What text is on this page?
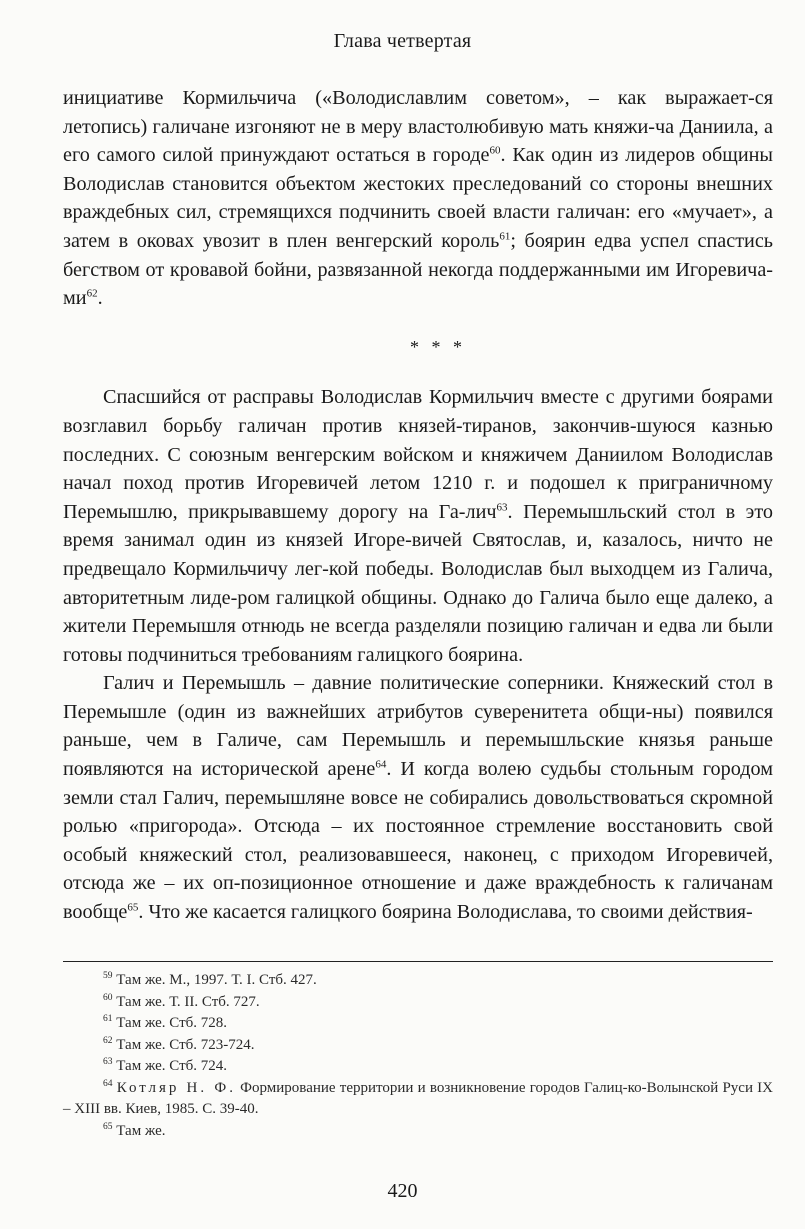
Глава четвертая

инициативе Кормильчича («Володиславлим советом», – как выражает-ся летопись) галичане изгоняют не в меру властолюбивую мать княжи-ча Даниила, а его самого силой принуждают остаться в городе$^{60}$. Как один из лидеров общины Володислав становится объектом жестоких преследований со стороны внешних враждебных сил, стремящихся подчинить своей власти галичан: его «мучает», а затем в оковах увозит в плен венгерский король$^{61}$; боярин едва успел спастись бегством от кровавой бойни, развязанной некогда поддержанными им Игоревича-$ми^{62}$.

* * *

Спасшийся от расправы Володислав Кормильчич вместе с другими боярами возглавил борьбу галичан против князей-тиранов, закончив-шуюся казнью последних. С союзным венгерским войском и княжичем Даниилом Володислав начал поход против Игоревичей летом 1210 г. и подошел к приграничному Перемышлю, прикрывавшему дорогу на Га-лич$^{63}$. Перемышльский стол в это время занимал один из князей Игоре-вичей Святослав, и, казалось, ничто не предвещало Кормильчичу лег-кой победы. Володислав был выходцем из Галича, авторитетным лиде-ром галицкой общины. Однако до Галича было еще далеко, а жители Перемышля отнюдь не всегда разделяли позицию галичан и едва ли были готовы подчиниться требованиям галицкого боярина.

Галич и Перемышль – давние политические соперники. Княжеский стол в Перемышле (один из важнейших атрибутов суверенитета общи-ны) появился раньше, чем в Галиче, сам Перемышль и перемышльские князья раньше появляются на исторической арене$^{64}$. И когда волею судьбы стольным городом земли стал Галич, перемышляне вовсе не собирались довольствоваться скромной ролью «пригорода». Отсюда – их постоянное стремление восстановить свой особый княжеский стол, реализовавшееся, наконец, с приходом Игоревичей, отсюда же – их оп-позиционное отношение и даже враждебность к галичанам вообще$^{65}$. Что же касается галицкого боярина Володислава, то своими действия-

$^{59}$ Там же. М., 1997. Т. I. Стб. 427.
$^{60}$ Там же. Т. II. Стб. 727.
$^{61}$ Там же. Стб. 728.
$^{62}$ Там же. Стб. 723-724.
$^{63}$ Там же. Стб. 724.
$^{64}$ Котляр Н. Ф. Формирование территории и возникновение городов Галиц-ко-Волынской Руси IX – XIII вв. Киев, 1985. С. 39-40.
$^{65}$ Там же.
420
